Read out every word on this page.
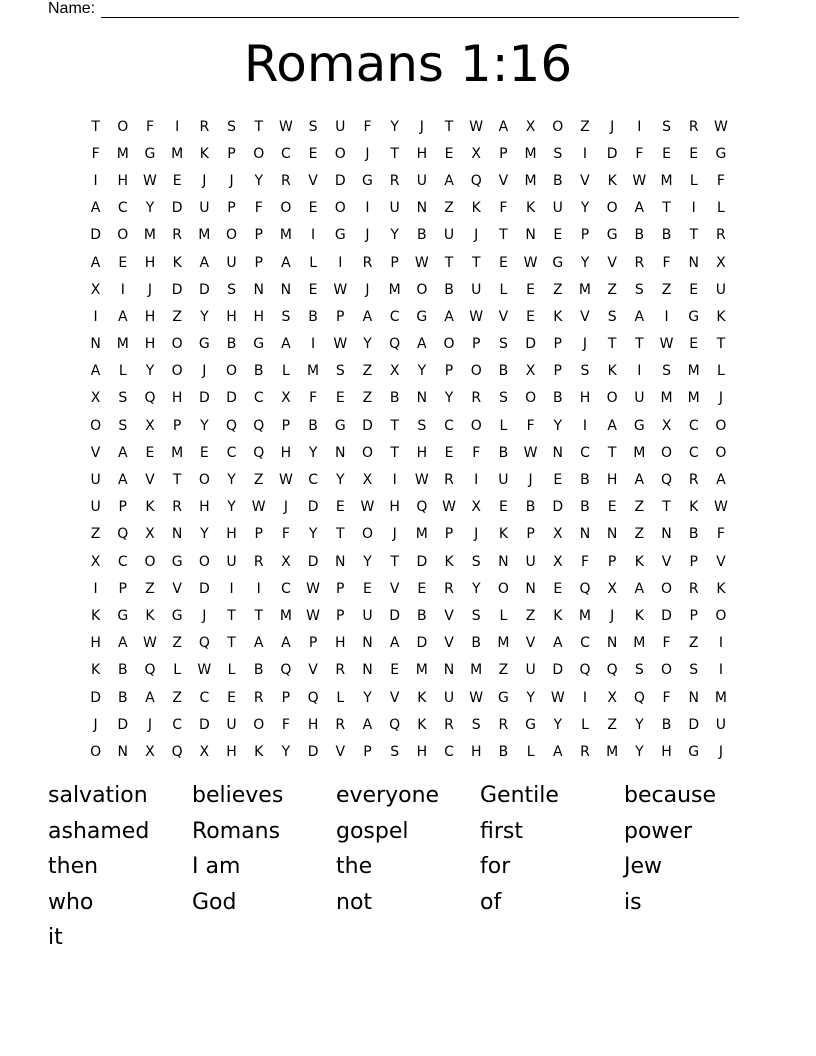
Name:
Romans 1:16
T	O	F	I	R	S	T	W	S	U	F	Y	J	T	W	A	X	O	Z	J	I	S	R	W
F	M	G	M	K	P	O	C	E	O	J	T	H	E	X	P	M	S	I	D	F	E	E	G
I	H	W	E	J	J	Y	R	V	D	G	R	U	A	Q	V	M	B	V	K	W	M	L	F
A	C	Y	D	U	P	F	O	E	O	I	U	N	Z	K	F	K	U	Y	O	A	T	I	L
D	O	M	R	M	O	P	M	I	G	J	Y	B	U	J	T	N	E	P	G	B	B	T	R
A	E	H	K	A	U	P	A	L	I	R	P	W	T	T	E	W	G	Y	V	R	F	N	X
X	I	J	D	D	S	N	N	E	W	J	M	O	B	U	L	E	Z	M	Z	S	Z	E	U
I	A	H	Z	Y	H	H	S	B	P	A	C	G	A	W	V	E	K	V	S	A	I	G	K
N	M	H	O	G	B	G	A	I	W	Y	Q	A	O	P	S	D	P	J	T	T	W	E	T
A	L	Y	O	J	O	B	L	M	S	Z	X	Y	P	O	B	X	P	S	K	I	S	M	L
X	S	Q	H	D	D	C	X	F	E	Z	B	N	Y	R	S	O	B	H	O	U	M	M	J
O	S	X	P	Y	Q	Q	P	B	G	D	T	S	C	O	L	F	Y	I	A	G	X	C	O
V	A	E	M	E	C	Q	H	Y	N	O	T	H	E	F	B	W	N	C	T	M	O	C	O
U	A	V	T	O	Y	Z	W	C	Y	X	I	W	R	I	U	J	E	B	H	A	Q	R	A
U	P	K	R	H	Y	W	J	D	E	W	H	Q	W	X	E	B	D	B	E	Z	T	K	W
Z	Q	X	N	Y	H	P	F	Y	T	O	J	M	P	J	K	P	X	N	N	Z	N	B	F
X	C	O	G	O	U	R	X	D	N	Y	T	D	K	S	N	U	X	F	P	K	V	P	V
I	P	Z	V	D	I	I	C	W	P	E	V	E	R	Y	O	N	E	Q	X	A	O	R	K
K	G	K	G	J	T	T	M	W	P	U	D	B	V	S	L	Z	K	M	J	K	D	P	O
H	A	W	Z	Q	T	A	A	P	H	N	A	D	V	B	M	V	A	C	N	M	F	Z	I
K	B	Q	L	W	L	B	Q	V	R	N	E	M	N	M	Z	U	D	Q	Q	S	O	S	I
D	B	A	Z	C	E	R	P	Q	L	Y	V	K	U	W	G	Y	W	I	X	Q	F	N	M
J	D	J	C	D	U	O	F	H	R	A	Q	K	R	S	R	G	Y	L	Z	Y	B	D	U
O	N	X	Q	X	H	K	Y	D	V	P	S	H	C	H	B	L	A	R	M	Y	H	G	J
salvation	believes	everyone	Gentile	because
ashamed	Romans	gospel	first	power
then	I am	the	for	Jew
who	God	not	of	is
it
